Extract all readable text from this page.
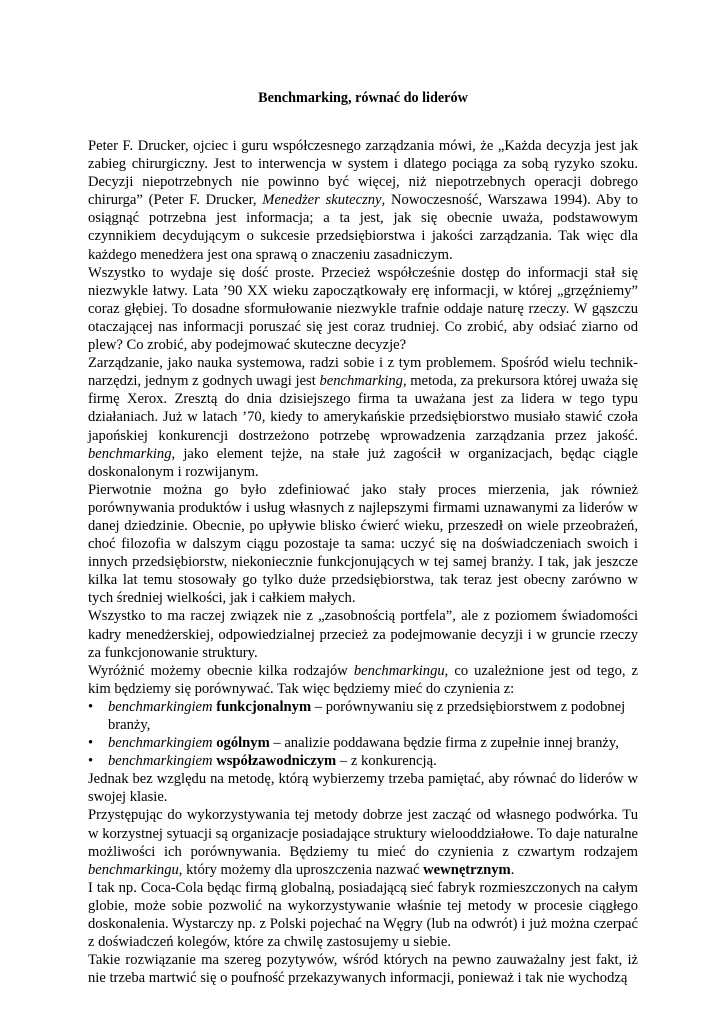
Benchmarking, równać do liderów

Peter F. Drucker, ojciec i guru współczesnego zarządzania mówi, że „Każda decyzja jest jak zabieg chirurgiczny. Jest to interwencja w system i dlatego pociąga za sobą ryzyko szoku. Decyzji niepotrzebnych nie powinno być więcej, niż niepotrzebnych operacji dobrego chirurga” (Peter F. Drucker, Menedżer skuteczny, Nowoczesność, Warszawa 1994). Aby to osiągnąć potrzebna jest informacja; a ta jest, jak się obecnie uważa, podstawowym czynnikiem decydującym o sukcesie przedsiębiorstwa i jakości zarządzania. Tak więc dla każdego menedżera jest ona sprawą o znaczeniu zasadniczym.

Wszystko to wydaje się dość proste. Przecież współcześnie dostęp do informacji stał się niezwykle łatwy. Lata ’90 XX wieku zapoczątkowały erę informacji, w której „grzęźniemy” coraz głębiej. To dosadne sformułowanie niezwykle trafnie oddaje naturę rzeczy. W gąszczu otaczającej nas informacji poruszać się jest coraz trudniej. Co zrobić, aby odsiać ziarno od plew? Co zrobić, aby podejmować skuteczne decyzje?

Zarządzanie, jako nauka systemowa, radzi sobie i z tym problemem. Spośród wielu technik-narzędzi, jednym z godnych uwagi jest benchmarking, metoda, za prekursora której uważa się firmę Xerox. Zresztą do dnia dzisiejszego firma ta uważana jest za lidera w tego typu działaniach. Już w latach ’70, kiedy to amerykańskie przedsiębiorstwo musiało stawić czoła japońskiej konkurencji dostrzeżono potrzebę wprowadzenia zarządzania przez jakość. benchmarking, jako element tejże, na stałe już zagościł w organizacjach, będąc ciągle doskonalonym i rozwijanym.

Pierwotnie można go było zdefiniować jako stały proces mierzenia, jak również porównywania produktów i usług własnych z najlepszymi firmami uznawanymi za liderów w danej dziedzinie. Obecnie, po upływie blisko ćwierć wieku, przeszedł on wiele przeobrażeń, choć filozofia w dalszym ciągu pozostaje ta sama: uczyć się na doświadczeniach swoich i innych przedsiębiorstw, niekoniecznie funkcjonujących w tej samej branży. I tak, jak jeszcze kilka lat temu stosowały go tylko duże przedsiębiorstwa, tak teraz jest obecny zarówno w tych średniej wielkości, jak i całkiem małych.

Wszystko to ma raczej związek nie z „zasobnością portfela”, ale z poziomem świadomości kadry menedżerskiej, odpowiedzialnej przecież za podejmowanie decyzji i w gruncie rzeczy za funkcjonowanie struktury.

Wyróżnić możemy obecnie kilka rodzajów benchmarkingu, co uzależnione jest od tego, z kim będziemy się porównywać. Tak więc będziemy mieć do czynienia z:

• benchmarkingiem funkcjonalnym – porównywaniu się z przedsiębiorstwem z podobnej branży,
• benchmarkingiem ogólnym – analizie poddawana będzie firma z zupełnie innej branży,
• benchmarkingiem współzawodniczym – z konkurencją.

Jednak bez względu na metodę, którą wybierzemy trzeba pamiętać, aby równać do liderów w swojej klasie.

Przystępując do wykorzystywania tej metody dobrze jest zacząć od własnego podwórka. Tu w korzystnej sytuacji są organizacje posiadające struktury wielooddziałowe. To daje naturalne możliwości ich porównywania. Będziemy tu mieć do czynienia z czwartym rodzajem benchmarkingu, który możemy dla uproszczenia nazwać wewnętrznym.

I tak np. Coca-Cola będąc firmą globalną, posiadającą sieć fabryk rozmieszczonych na całym globie, może sobie pozwolić na wykorzystywanie właśnie tej metody w procesie ciągłego doskonalenia. Wystarczy np. z Polski pojechać na Węgry (lub na odwrót) i już można czerpać z doświadczeń kolegów, które za chwilę zastosujemy u siebie.

Takie rozwiązanie ma szereg pozytywów, wśród których na pewno zauważalny jest fakt, iż nie trzeba martwić się o poufność przekazywanych informacji, ponieważ i tak nie wychodzą
